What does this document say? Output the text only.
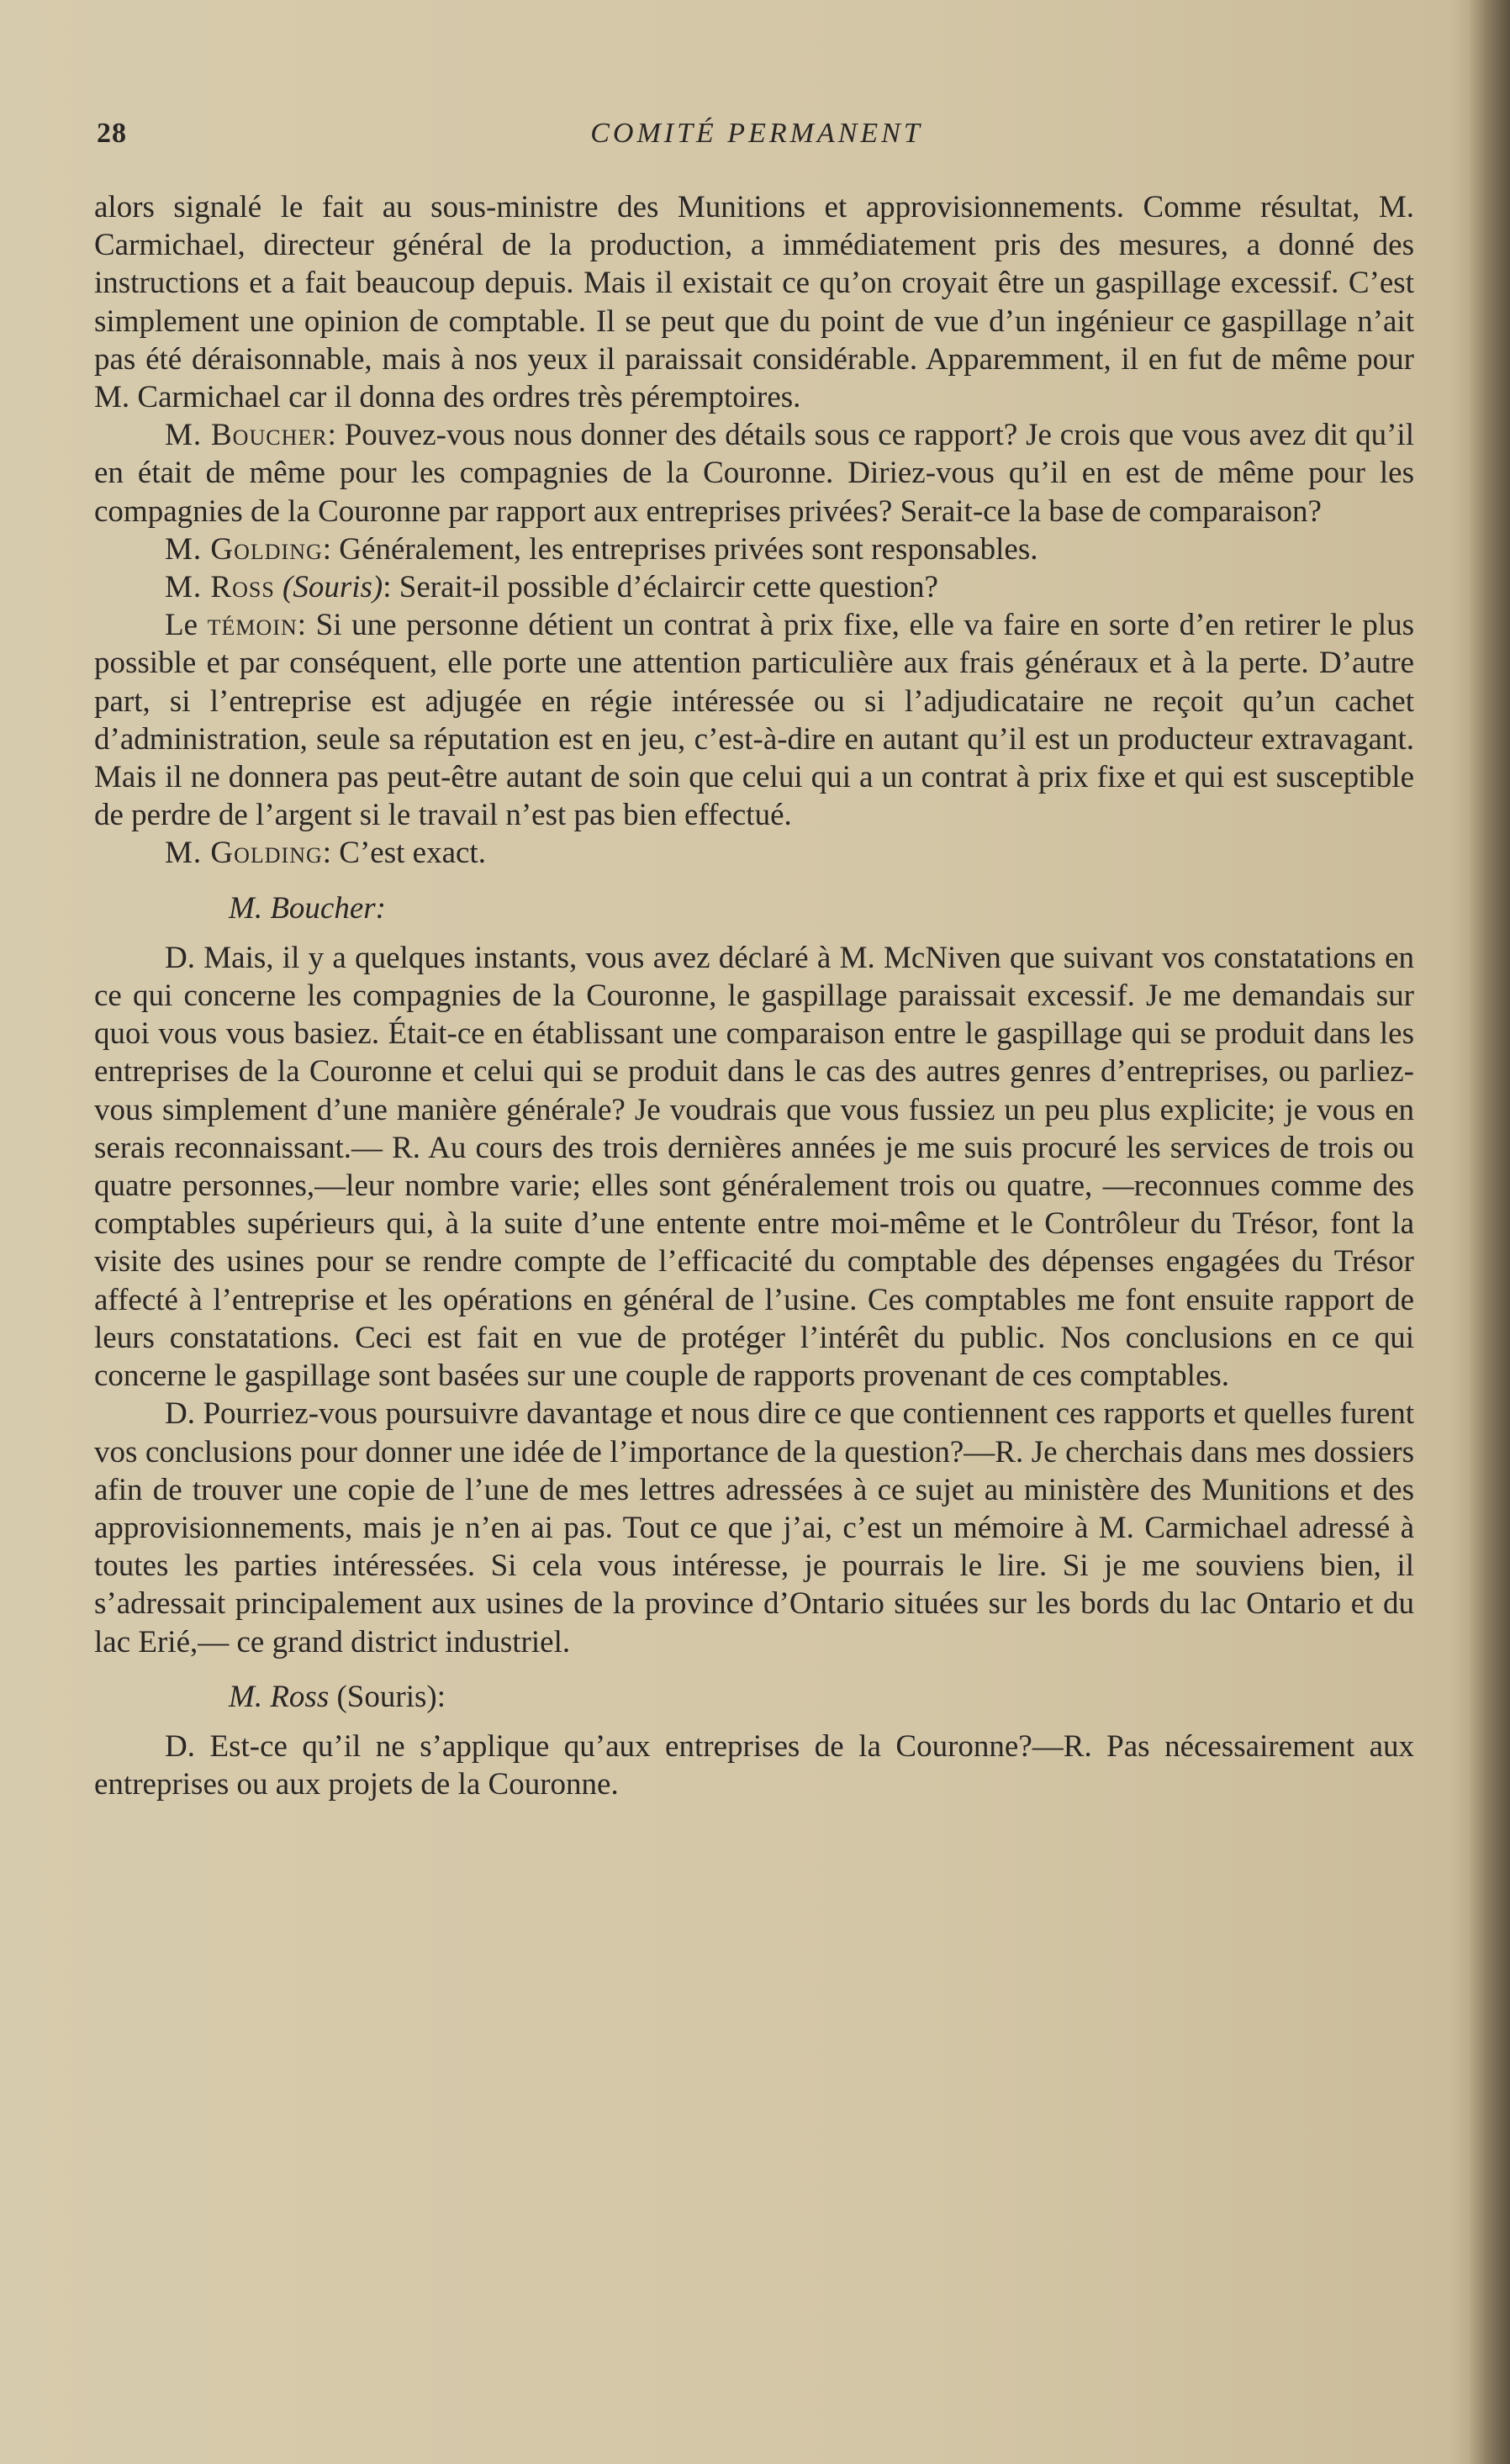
28	COMITÉ PERMANENT

alors signalé le fait au sous-ministre des Munitions et approvisionnements. Comme résultat, M. Carmichael, directeur général de la production, a immédiatement pris des mesures, a donné des instructions et a fait beaucoup depuis. Mais il existait ce qu’on croyait être un gaspillage excessif. C’est simplement une opinion de comptable. Il se peut que du point de vue d’un ingénieur ce gaspillage n’ait pas été déraisonnable, mais à nos yeux il paraissait considérable. Apparemment, il en fut de même pour M. Carmichael car il donna des ordres très péremptoires.

M. Boucher: Pouvez-vous nous donner des détails sous ce rapport? Je crois que vous avez dit qu’il en était de même pour les compagnies de la Couronne. Diriez-vous qu’il en est de même pour les compagnies de la Couronne par rapport aux entreprises privées? Serait-ce la base de comparaison?

M. Golding: Généralement, les entreprises privées sont responsables.

M. Ross (Souris): Serait-il possible d’éclaircir cette question?

Le témoin: Si une personne détient un contrat à prix fixe, elle va faire en sorte d’en retirer le plus possible et par conséquent, elle porte une attention particulière aux frais généraux et à la perte. D’autre part, si l’entreprise est adjugée en régie intéressée ou si l’adjudicataire ne reçoit qu’un cachet d’administration, seule sa réputation est en jeu, c’est-à-dire en autant qu’il est un producteur extravagant. Mais il ne donnera pas peut-être autant de soin que celui qui a un contrat à prix fixe et qui est susceptible de perdre de l’argent si le travail n’est pas bien effectué.

M. Golding: C’est exact.

M. Boucher:

D. Mais, il y a quelques instants, vous avez déclaré à M. McNiven que suivant vos constatations en ce qui concerne les compagnies de la Couronne, le gaspillage paraissait excessif. Je me demandais sur quoi vous vous basiez. Était-ce en établissant une comparaison entre le gaspillage qui se produit dans les entreprises de la Couronne et celui qui se produit dans le cas des autres genres d’entreprises, ou parliez-vous simplement d’une manière générale? Je voudrais que vous fussiez un peu plus explicite; je vous en serais reconnaissant.— R. Au cours des trois dernières années je me suis procuré les services de trois ou quatre personnes,—leur nombre varie; elles sont généralement trois ou quatre, —reconnues comme des comptables supérieurs qui, à la suite d’une entente entre moi-même et le Contrôleur du Trésor, font la visite des usines pour se rendre compte de l’efficacité du comptable des dépenses engagées du Trésor affecté à l’entreprise et les opérations en général de l’usine. Ces comptables me font ensuite rapport de leurs constatations. Ceci est fait en vue de protéger l’intérêt du public. Nos conclusions en ce qui concerne le gaspillage sont basées sur une couple de rapports provenant de ces comptables.

D. Pourriez-vous poursuivre davantage et nous dire ce que contiennent ces rapports et quelles furent vos conclusions pour donner une idée de l’importance de la question?—R. Je cherchais dans mes dossiers afin de trouver une copie de l’une de mes lettres adressées à ce sujet au ministère des Munitions et des approvisionnements, mais je n’en ai pas. Tout ce que j’ai, c’est un mémoire à M. Carmichael adressé à toutes les parties intéressées. Si cela vous intéresse, je pourrais le lire. Si je me souviens bien, il s’adressait principalement aux usines de la province d’Ontario situées sur les bords du lac Ontario et du lac Erié,— ce grand district industriel.

M. Ross (Souris):

D. Est-ce qu’il ne s’applique qu’aux entreprises de la Couronne?—R. Pas nécessairement aux entreprises ou aux projets de la Couronne.
